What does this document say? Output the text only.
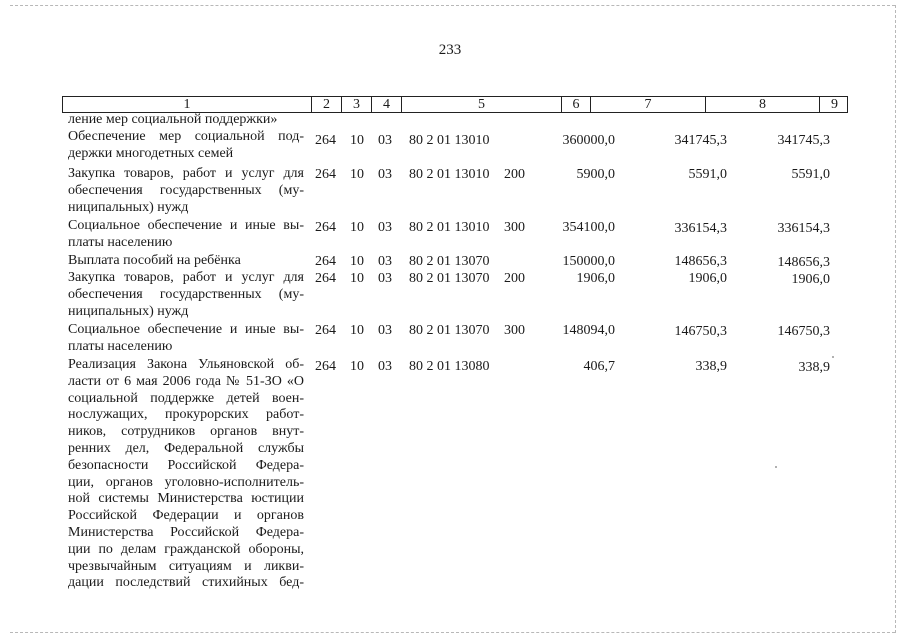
233
1	2	3	4	5	6	7	8	9
ление мер социальной поддержки»
Обеспечение мер социальной под-
держки многодетных семей
264 10 03 80 2 01 13010	360000,0	341745,3	341745,3
Закупка товаров, работ и услуг для
обеспечения государственных (му-
ниципальных) нужд
264 10 03 80 2 01 13010 200	5900,0	5591,0	5591,0
Социальное обеспечение и иные вы-
платы населению
264 10 03 80 2 01 13010 300	354100,0	336154,3	336154,3
Выплата пособий на ребёнка	264 10 03 80 2 01 13070	150000,0	148656,3	148656,3
Закупка товаров, работ и услуг для
обеспечения государственных (му-
ниципальных) нужд
264 10 03 80 2 01 13070 200	1906,0	1906,0	1906,0
Социальное обеспечение и иные вы-
платы населению
264 10 03 80 2 01 13070 300	148094,0	146750,3	146750,3
Реализация Закона Ульяновской об-
ласти от 6 мая 2006 года № 51-ЗО «О
социальной поддержке детей воен-
нослужащих, прокурорских работ-
ников, сотрудников органов внут-
ренних дел, Федеральной службы
безопасности Российской Федера-
ции, органов уголовно-исполнитель-
ной системы Министерства юстиции
Российской Федерации и органов
Министерства Российской Федера-
ции по делам гражданской обороны,
чрезвычайным ситуациям и ликви-
дации последствий стихийных бед-
264 10 03 80 2 01 13080	406,7	338,9	338,9
